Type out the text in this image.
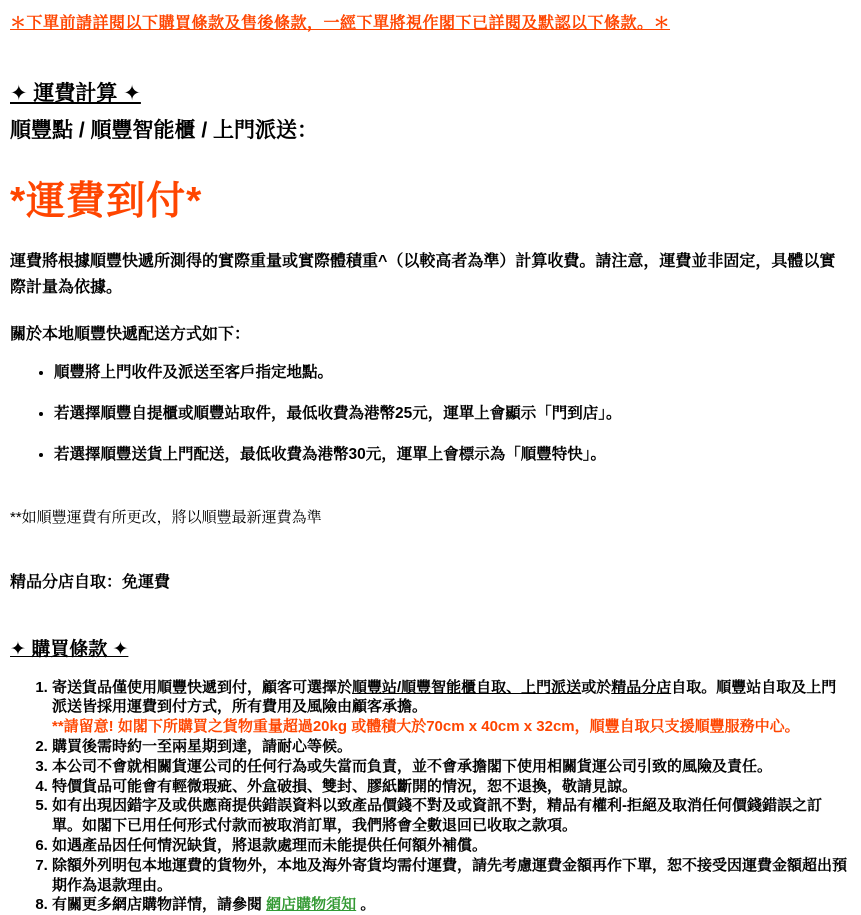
＊下單前請詳閱以下購買條款及售後條款，一經下單將視作閣下已詳閱及默認以下條款。＊
✦ 運費計算 ✦
順豐點 / 順豐智能櫃 / 上門派送：
*運費到付*
運費將根據順豐快遞所測得的實際重量或實際體積重^（以較高者為準）計算收費。請注意，運費並非固定，具體以實際計量為依據。
關於本地順豐快遞配送方式如下：
• 順豐將上門收件及派送至客戶指定地點。
• 若選擇順豐自提櫃或順豐站取件，最低收費為港幣25元，運單上會顯示「門到店」。
• 若選擇順豐送貨上門配送，最低收費為港幣30元，運單上會標示為「順豐特快」。
**如順豐運費有所更改，將以順豐最新運費為準
精品分店自取：免運費
✦ 購買條款 ✦
1. 寄送貨品僅使用順豐快遞到付，顧客可選擇於順豐站/順豐智能櫃自取、上門派送或於精品分店自取。順豐站自取及上門派送皆採用運費到付方式，所有費用及風險由顧客承擔。
**請留意! 如閣下所購買之貨物重量超過20kg 或體積大於70cm x 40cm x 32cm，順豐自取只支援順豐服務中心。
2. 購買後需時約一至兩星期到達，請耐心等候。
3. 本公司不會就相關貨運公司的任何行為或失當而負責，並不會承擔閣下使用相關貨運公司引致的風險及責任。
4. 特價貨品可能會有輕微瑕疵、外盒破損、雙封、膠紙斷開的情況，恕不退換，敬請見諒。
5. 如有出現因錯字及或供應商提供錯誤資料以致產品價錢不對及或資訊不對，精品有權利-拒絕及取消任何價錢錯誤之訂單。如閣下已用任何形式付款而被取消訂單，我們將會全數退回已收取之款項。
6. 如遇產品因任何情況缺貨，將退款處理而未能提供任何額外補償。
7. 除額外列明包本地運費的貨物外，本地及海外寄貨均需付運費，請先考慮運費金額再作下單，恕不接受因運費金額超出預期作為退款理由。
8. 有關更多網店購物詳情，請參閱 網店購物須知 。
